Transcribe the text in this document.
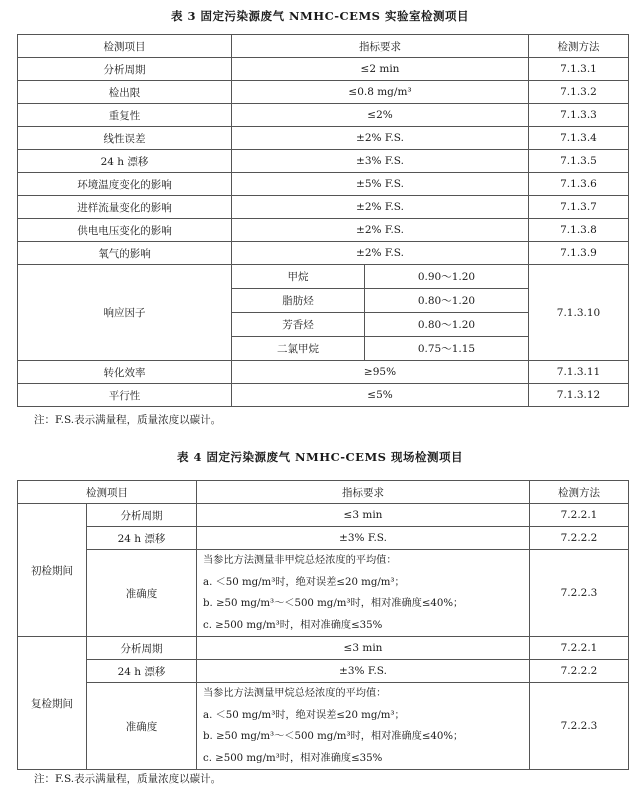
表 3 固定污染源废气 NMHC-CEMS 实验室检测项目
检测项目	指标要求		检测方法
分析周期	≤2 min		7.1.3.1
检出限	≤0.8 mg/m³		7.1.3.2
重复性	≤2%		7.1.3.3
线性误差	±2% F.S.		7.1.3.4
24 h 漂移	±3% F.S.		7.1.3.5
环境温度变化的影响	±5% F.S.		7.1.3.6
进样流量变化的影响	±2% F.S.		7.1.3.7
供电电压变化的影响	±2% F.S.		7.1.3.8
氧气的影响	±2% F.S.		7.1.3.9
响应因子	甲烷	0.90～1.20	7.1.3.10
	脂肪烃	0.80～1.20	
	芳香烃	0.80～1.20	
	二氯甲烷	0.75～1.15	
转化效率	≥95%		7.1.3.11
平行性	≤5%		7.1.3.12
注：F.S.表示满量程，质量浓度以碳计。
表 4 固定污染源废气 NMHC-CEMS 现场检测项目
检测项目		指标要求	检测方法
初检期间	分析周期	≤3 min	7.2.2.1
	24 h 漂移	±3% F.S.	7.2.2.2
	准确度	当参比方法测量非甲烷总烃浓度的平均值：
a. ＜50 mg/m³时，绝对误差≤20 mg/m³；
b. ≥50 mg/m³～＜500 mg/m³时，相对准确度≤40%；
c. ≥500 mg/m³时，相对准确度≤35%	7.2.2.3
复检期间	分析周期	≤3 min	7.2.2.1
	24 h 漂移	±3% F.S.	7.2.2.2
	准确度	当参比方法测量甲烷总烃浓度的平均值：
a. ＜50 mg/m³时，绝对误差≤20 mg/m³；
b. ≥50 mg/m³～＜500 mg/m³时，相对准确度≤40%；
c. ≥500 mg/m³时，相对准确度≤35%	7.2.2.3
注：F.S.表示满量程，质量浓度以碳计。
